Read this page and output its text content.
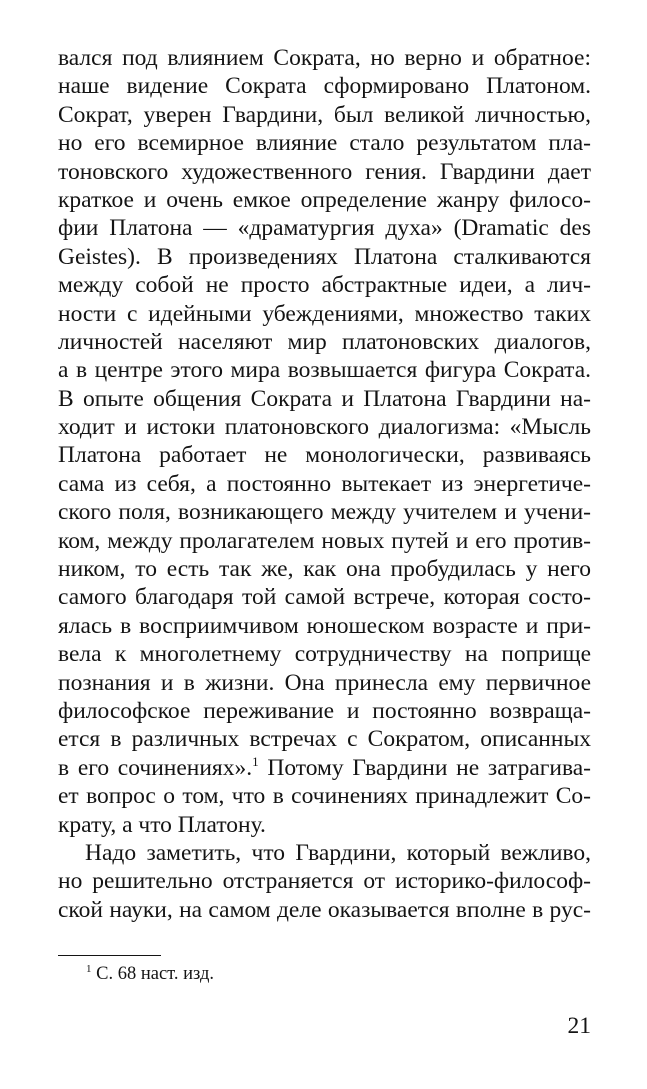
вался под влиянием Сократа, но верно и обратное:
наше видение Сократа сформировано Платоном.
Сократ, уверен Гвардини, был великой личностью,
но его всемирное влияние стало результатом пла-
тоновского художественного гения. Гвардини дает
краткое и очень емкое определение жанру филосо-
фии Платона — «драматургия духа» (Dramatic des
Geistes). В произведениях Платона сталкиваются
между собой не просто абстрактные идеи, а лич-
ности с идейными убеждениями, множество таких
личностей населяют мир платоновских диалогов,
а в центре этого мира возвышается фигура Сократа.
В опыте общения Сократа и Платона Гвардини на-
ходит и истоки платоновского диалогизма: «Мысль
Платона работает не монологически, развиваясь
сама из себя, а постоянно вытекает из энергетиче-
ского поля, возникающего между учителем и учени-
ком, между пролагателем новых путей и его против-
ником, то есть так же, как она пробудилась у него
самого благодаря той самой встрече, которая состо-
ялась в восприимчивом юношеском возрасте и при-
вела к многолетнему сотрудничеству на поприще
познания и в жизни. Она принесла ему первичное
философское переживание и постоянно возвраща-
ется в различных встречах с Сократом, описанных
в его сочинениях».$^1$ Потому Гвардини не затрагива-
ет вопрос о том, что в сочинениях принадлежит Со-
крату, а что Платону.
Надо заметить, что Гвардини, который вежливо,
но решительно отстраняется от историко-философ-
ской науки, на самом деле оказывается вполне в рус-
$^1$ С. 68 наст. изд.
21
